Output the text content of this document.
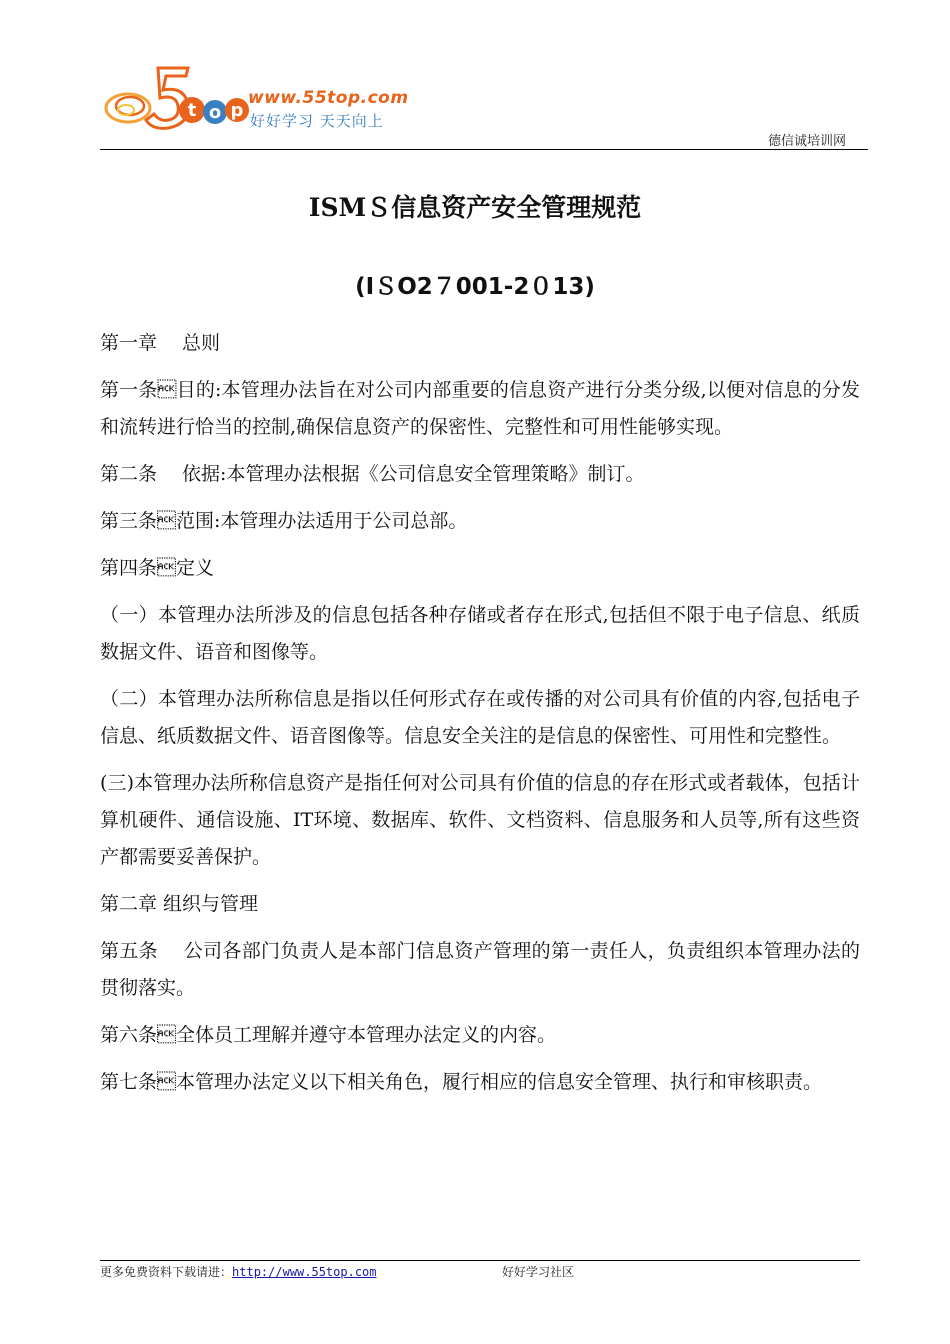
t o p
www.55top.com
好好学习 天天向上
德信诚培训网
ISMＳ信息资产安全管理规范
(IＳO2７001-2０13)

第一章　 总则

第一条目的:本管理办法旨在对公司内部重要的信息资产进行分类分级,以便对信息的分发和流转进行恰当的控制,确保信息资产的保密性、完整性和可用性能够实现。

第二条　 依据:本管理办法根据《公司信息安全管理策略》制订。

第三条范围:本管理办法适用于公司总部。

第四条定义

（一）本管理办法所涉及的信息包括各种存储或者存在形式,包括但不限于电子信息、纸质数据文件、语音和图像等。

（二）本管理办法所称信息是指以任何形式存在或传播的对公司具有价值的内容,包括电子信息、纸质数据文件、语音图像等。信息安全关注的是信息的保密性、可用性和完整性。

(三)本管理办法所称信息资产是指任何对公司具有价值的信息的存在形式或者载体，包括计算机硬件、通信设施、IT环境、数据库、软件、文档资料、信息服务和人员等,所有这些资产都需要妥善保护。

第二章 组织与管理

第五条　 公司各部门负责人是本部门信息资产管理的第一责任人，负责组织本管理办法的贯彻落实。

第六条全体员工理解并遵守本管理办法定义的内容。

第七条本管理办法定义以下相关角色，履行相应的信息安全管理、执行和审核职责。

更多免费资料下载请进：http://www.55top.com	好好学习社区
